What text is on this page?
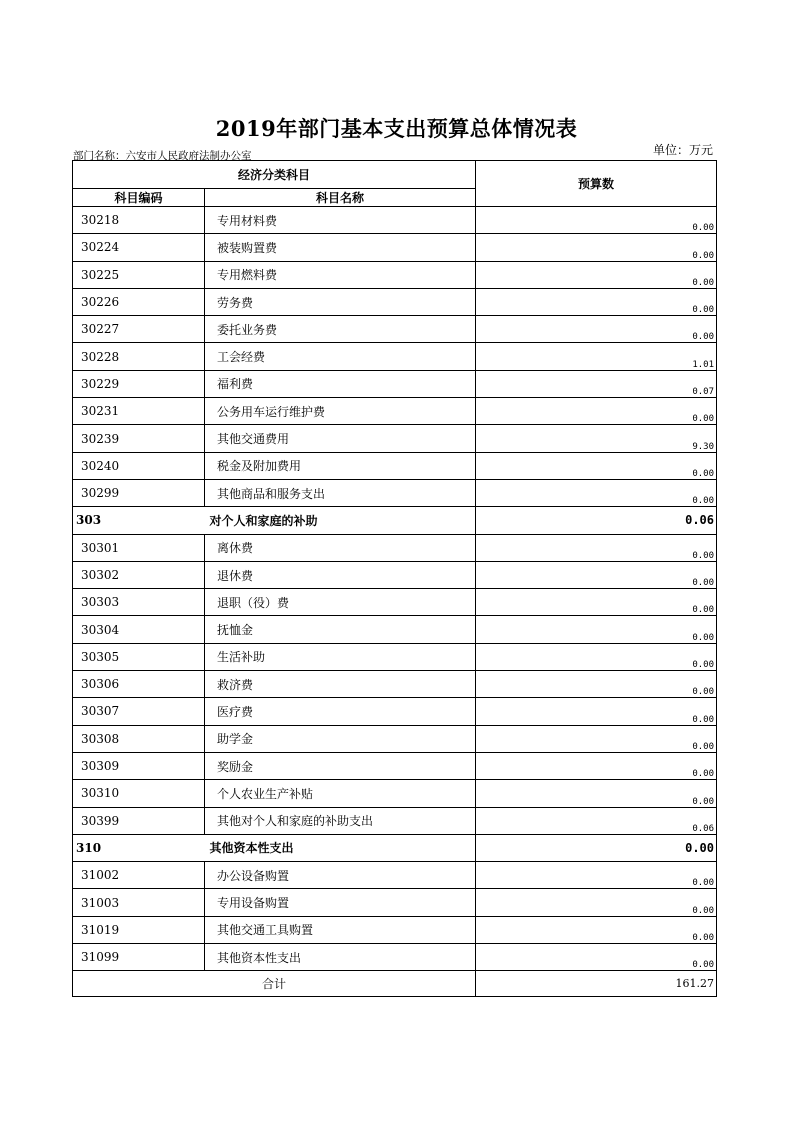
2019年部门基本支出预算总体情况表
部门名称：六安市人民政府法制办公室	单位：万元
经济分类科目		预算数
科目编码	科目名称	
30218	专用材料费	0.00
30224	被装购置费	0.00
30225	专用燃料费	0.00
30226	劳务费	0.00
30227	委托业务费	0.00
30228	工会经费	1.01
30229	福利费	0.07
30231	公务用车运行维护费	0.00
30239	其他交通费用	9.30
30240	税金及附加费用	0.00
30299	其他商品和服务支出	0.00
303	对个人和家庭的补助	0.06
30301	离休费	0.00
30302	退休费	0.00
30303	退职（役）费	0.00
30304	抚恤金	0.00
30305	生活补助	0.00
30306	救济费	0.00
30307	医疗费	0.00
30308	助学金	0.00
30309	奖励金	0.00
30310	个人农业生产补贴	0.00
30399	其他对个人和家庭的补助支出	0.06
310	其他资本性支出	0.00
31002	办公设备购置	0.00
31003	专用设备购置	0.00
31019	其他交通工具购置	0.00
31099	其他资本性支出	0.00
合计		161.27
